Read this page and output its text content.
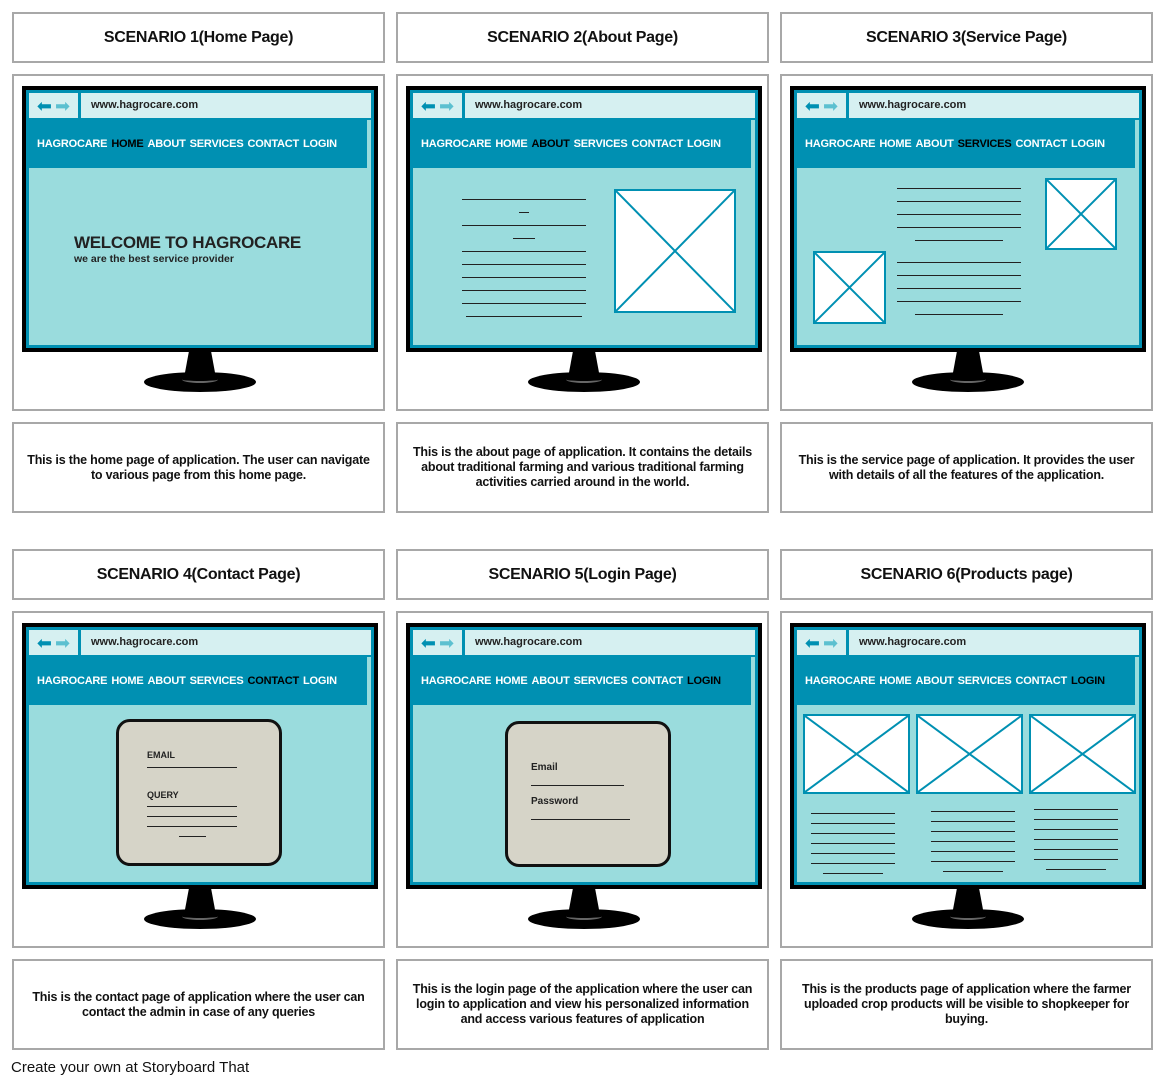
SCENARIO 1(Home Page)
⬅ ➡ www.hagrocare.com
HAGROCARE HOME ABOUT SERVICES CONTACT LOGIN
WELCOME TO HAGROCARE

we are the best service provider

This is the home page of application. The user can navigate to various page from this home page.
SCENARIO 2(About Page)
⬅ ➡ www.hagrocare.com
HAGROCARE HOME ABOUT SERVICES CONTACT LOGIN
This is the about page of application. It contains the details about traditional farming and various traditional farming activities carried around in the world.
SCENARIO 3(Service Page)
⬅ ➡ www.hagrocare.com
HAGROCARE HOME ABOUT SERVICES CONTACT LOGIN
This is the service page of application. It provides the user with details of all the features of the application.
SCENARIO 4(Contact Page)
⬅ ➡ www.hagrocare.com
HAGROCARE HOME ABOUT SERVICES CONTACT LOGIN
EMAIL
QUERY
This is the contact page of application where the user can contact the admin in case of any queries
SCENARIO 5(Login Page)
⬅ ➡ www.hagrocare.com
HAGROCARE HOME ABOUT SERVICES CONTACT LOGIN
Email
Password
This is the login page of the application where the user can login to application and view his personalized information and access various features of application
SCENARIO 6(Products page)
⬅ ➡ www.hagrocare.com
HAGROCARE HOME ABOUT SERVICES CONTACT LOGIN
This is the products page of application where the farmer uploaded crop products will be visible to shopkeeper for buying.
Create your own at Storyboard That
